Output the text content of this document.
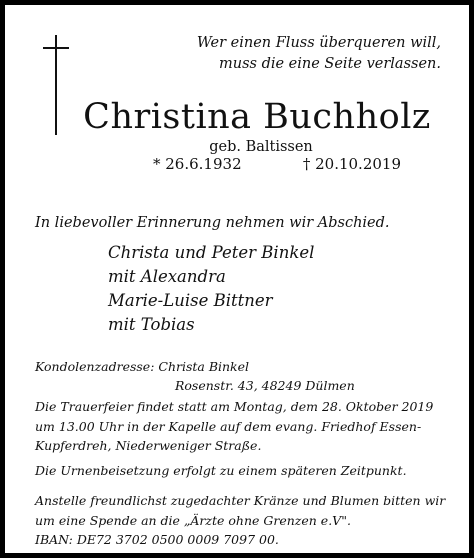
Wer einen Fluss überqueren will,
muss die eine Seite verlassen.
Christina Buchholz
geb. Baltissen
* 26.6.1932	† 20.10.2019
In liebevoller Erinnerung nehmen wir Abschied.
Christa und Peter Binkel
mit Alexandra
Marie-Luise Bittner
mit Tobias
Kondolenzadresse: Christa Binkel
Rosenstr. 43, 48249 Dülmen
Die Trauerfeier findet statt am Montag, dem 28. Oktober 2019
um 13.00 Uhr in der Kapelle auf dem evang. Friedhof Essen-
Kupferdreh, Niederweniger Straße.
Die Urnenbeisetzung erfolgt zu einem späteren Zeitpunkt.
Anstelle freundlichst zugedachter Kränze und Blumen bitten wir
um eine Spende an die „Ärzte ohne Grenzen e.V".
IBAN: DE72 3702 0500 0009 7097 00.
